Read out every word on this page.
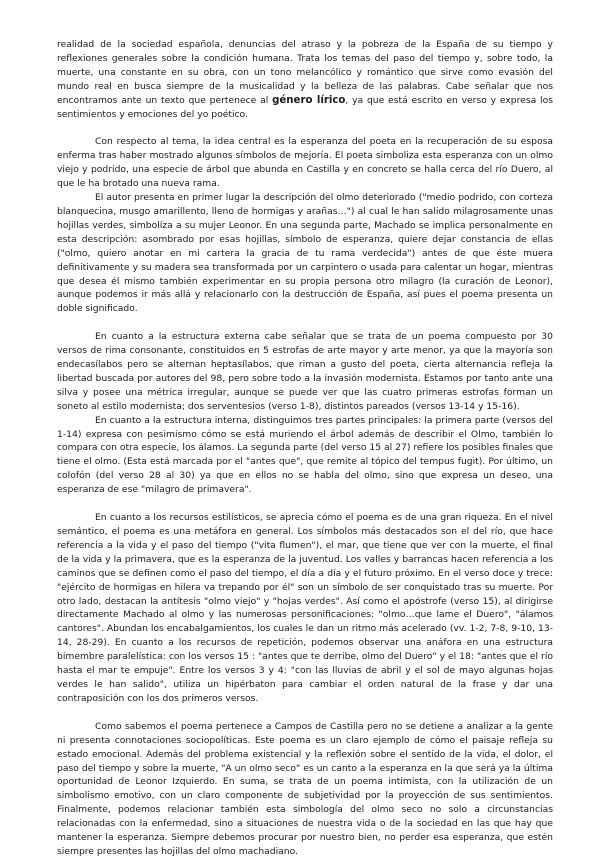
realidad de la sociedad española, denuncias del atraso y la pobreza de la España de su tiempo y reflexiones generales sobre la condición humana. Trata los temas del paso del tiempo y, sobre todo, la muerte, una constante en su obra, con un tono melancólico y romántico que sirve como evasión del mundo real en busca siempre de la musicalidad y la belleza de las palabras. Cabe señalar que nos encontramos ante un texto que pertenece al género lírico, ya que está escrito en verso y expresa los sentimientos y emociones del yo poético.

Con respecto al tema, la idea central es la esperanza del poeta en la recuperación de su esposa enferma tras haber mostrado algunos símbolos de mejoría. El poeta simboliza esta esperanza con un olmo viejo y podrido, una especie de árbol que abunda en Castilla y en concreto se halla cerca del río Duero, al que le ha brotado una nueva rama.

El autor presenta en primer lugar la descripción del olmo deteriorado ("medio podrido, con corteza blanquecina, musgo amarillento, lleno de hormigas y arañas…") al cual le han salido milagrosamente unas hojillas verdes, simbolíza a su mujer Leonor. En una segunda parte, Machado se implica personalmente en esta descripción: asombrado por esas hojillas, símbolo de esperanza, quiere dejar constancia de ellas ("olmo, quiero anotar en mi cartera la gracia de tu rama verdecida") antes de que éste muera definitivamente y su madera sea transformada por un carpintero o usada para calentar un hogar, mientras que desea él mismo también experimentar en su propia persona otro milagro (la curación de Leonor), aunque podemos ir más allá y relacionarlo con la destrucción de España, así pues el poema presenta un doble significado.

En cuanto a la estructura externa cabe señalar que se trata de un poema compuesto por 30 versos de rima consonante, constituidos en 5 estrofas de arte mayor y arte menor, ya que la mayoría son endecasílabos pero se alternan heptasílabos, que riman a gusto del poeta, cierta alternancia refleja la libertad buscada por autores del 98, pero sobre todo a la invasión modernista. Estamos por tanto ante una silva y posee una métrica irregular, aunque se puede ver que las cuatro primeras estrofas forman un soneto al estilo modernista; dos serventesios (verso 1-8), distintos pareados (versos 13-14 y 15-16).

En cuanto a la estructura interna, distinguimos tres partes principales: la primera parte (versos del 1-14) expresa con pesimismo cómo se está muriendo el árbol además de describir el Olmo, también lo compara con otra especie, los álamos. La segunda parte (del verso 15 al 27) refiere los posibles finales que tiene el olmo. (Esta está marcada por el "antes que", que remite al tópico del tempus fugit). Por último, un colofón (del verso 28 al 30) ya que en ellos no se habla del olmo, sino que expresa un deseo, una esperanza de ese "milagro de primavera".

En cuanto a los recursos estilísticos, se aprecia cómo el poema es de una gran riqueza. En el nivel semántico, el poema es una metáfora en general. Los símbolos más destacados son el del río, que hace referencia a la vida y el paso del tiempo ("vita flumen"), el mar, que tiene que ver con la muerte, el final de la vida y la primavera, que es la esperanza de la juventud. Los valles y barrancas hacen referencia a los caminos que se definen como el paso del tiempo, el día a día y el futuro próximo. En el verso doce y trece: "ejército de hormigas en hilera va trepando por él" son un símbolo de ser conquistado tras su muerte. Por otro lado, destacan la antítesis "olmo viejo" y "hojas verdes". Así como el apóstrofe (verso 15), al dirigirse directamente Machado al olmo y las numerosas personificaciones: "olmo…que lame el Duero", "álamos cantores". Abundan los encabalgamientos, los cuales le dan un ritmo más acelerado (vv. 1-2, 7-8, 9-10, 13-14, 28-29). En cuanto a los recursos de repetición, podemos observar una anáfora en una estructura bimembre paralelística: con los versos 15 : "antes que te derribe, olmo del Duero" y el 18: "antes que el río hasta el mar te empuje". Entre los versos 3 y 4: "con las lluvias de abril y el sol de mayo algunas hojas verdes le han salido", utiliza un hipérbaton para cambiar el orden natural de la frase y dar una contraposición con los dos primeros versos.

Como sabemos el poema pertenece a Campos de Castilla pero no se detiene a analizar a la gente ni presenta connotaciones sociopolíticas. Este poema es un claro ejemplo de cómo el paisaje refleja su estado emocional. Además del problema existencial y la reflexión sobre el sentido de la vida, el dolor, el paso del tiempo y sobre la muerte, "A un olmo seco" es un canto a la esperanza en la que será ya la última oportunidad de Leonor Izquierdo. En suma, se trata de un poema intimista, con la utilización de un simbolismo emotivo, con un claro componente de subjetividad por la proyección de sus sentimientos. Finalmente, podemos relacionar también esta simbología del olmo seco no solo a circunstancias relacionadas con la enfermedad, sino a situaciones de nuestra vida o de la sociedad en las que hay que mantener la esperanza. Siempre debemos procurar por nuestro bien, no perder esa esperanza, que estén siempre presentes las hojillas del olmo machadiano.
